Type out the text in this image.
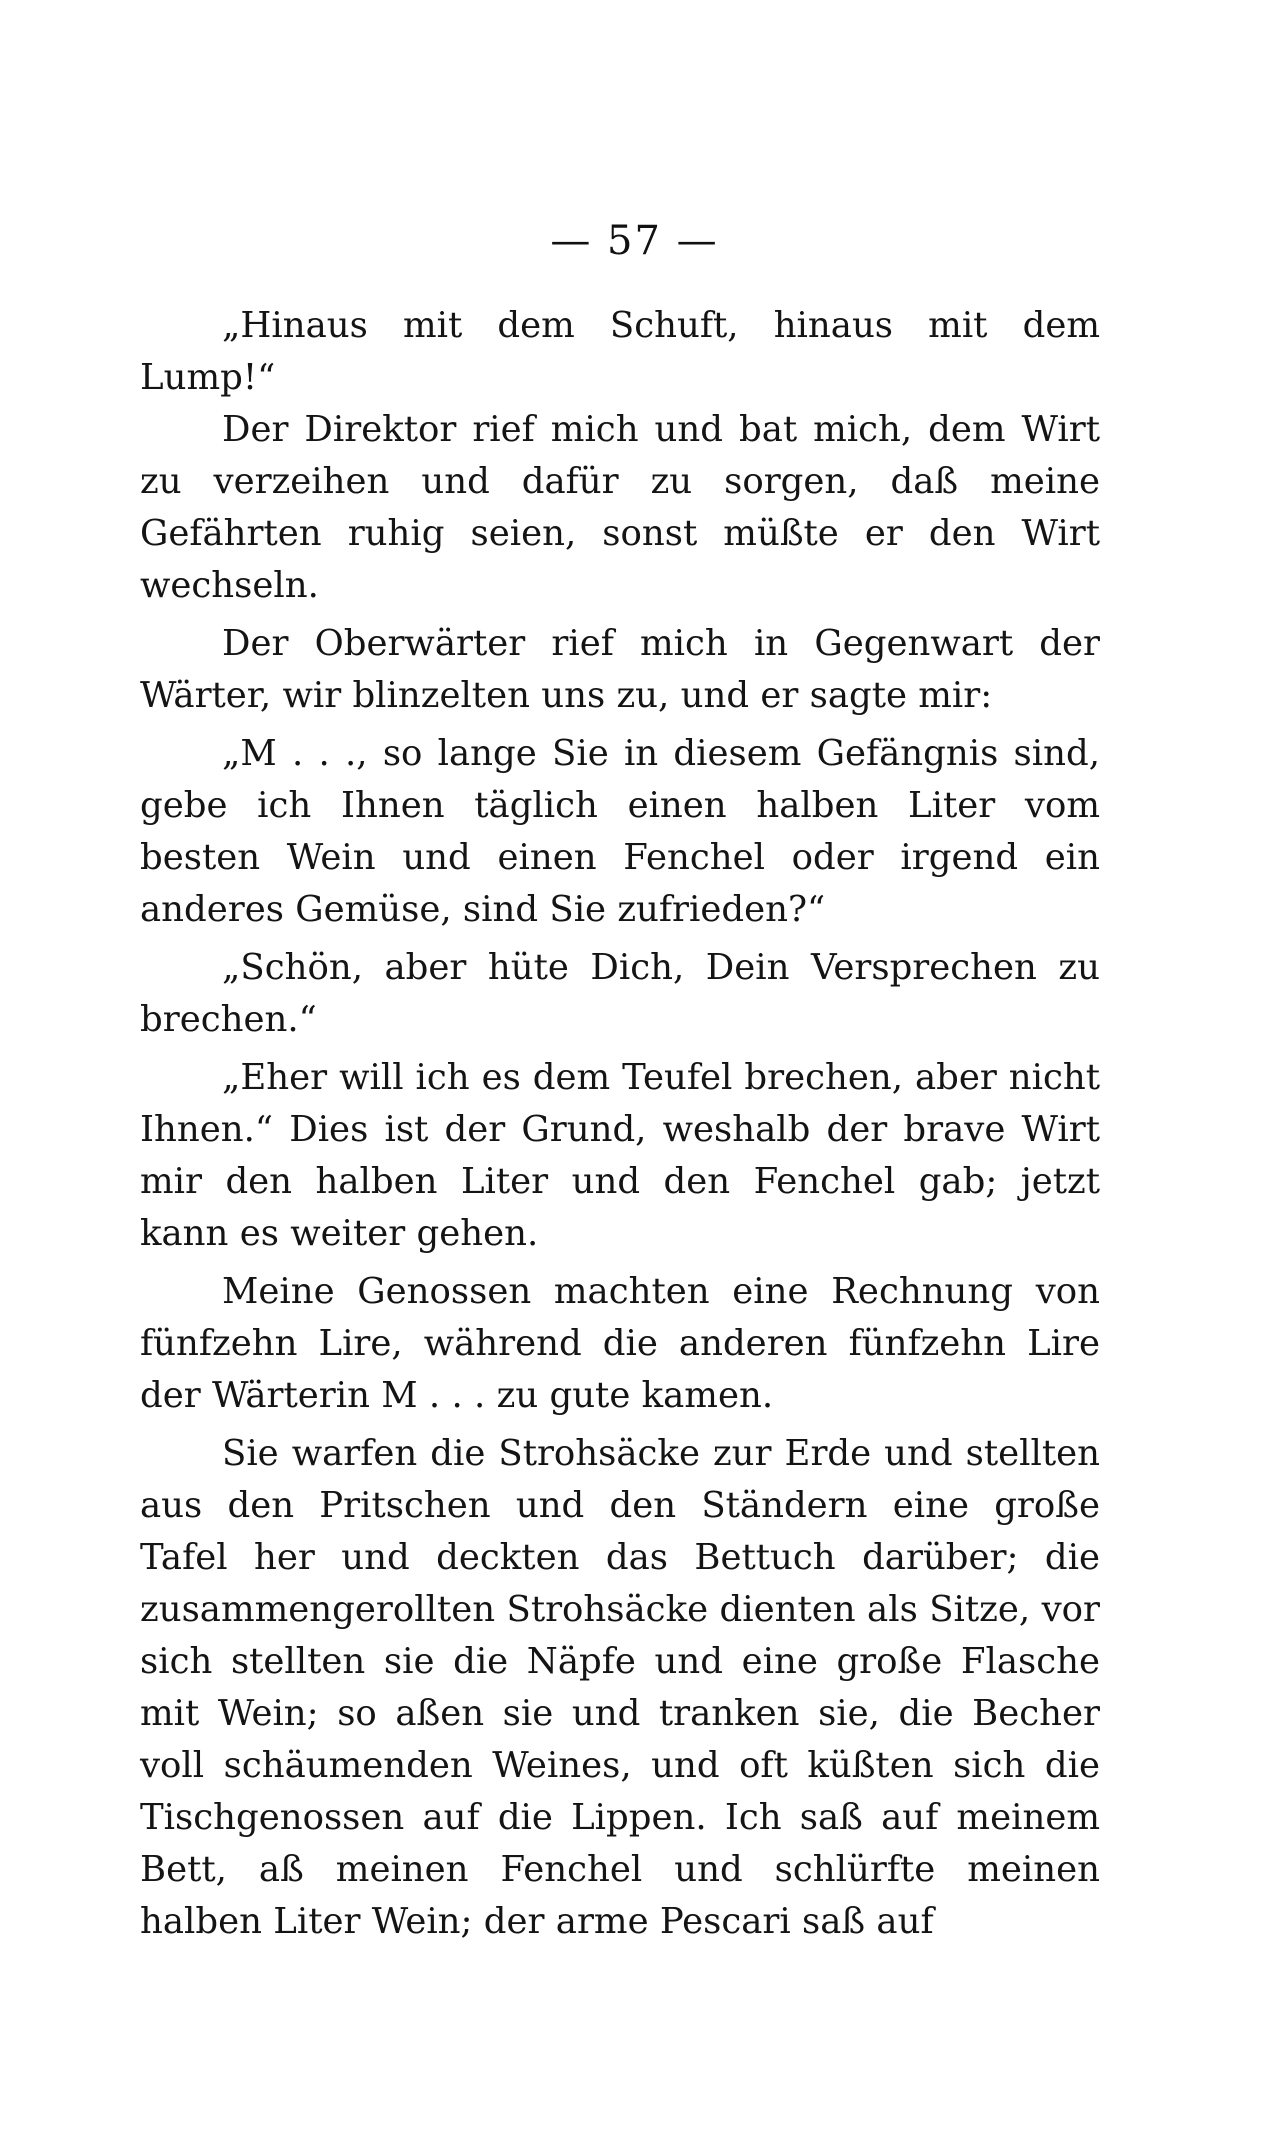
— 57 —

„Hinaus mit dem Schuft, hinaus mit dem Lump!“

Der Direktor rief mich und bat mich, dem Wirt zu verzeihen und dafür zu sorgen, daß meine Gefährten ruhig seien, sonst müßte er den Wirt wechseln.

Der Oberwärter rief mich in Gegenwart der Wärter, wir blinzelten uns zu, und er sagte mir:

„M . . ., so lange Sie in diesem Gefängnis sind, gebe ich Ihnen täglich einen halben Liter vom besten Wein und einen Fenchel oder irgend ein anderes Gemüse, sind Sie zufrieden?“

„Schön, aber hüte Dich, Dein Versprechen zu brechen.“

„Eher will ich es dem Teufel brechen, aber nicht Ihnen.“ Dies ist der Grund, weshalb der brave Wirt mir den halben Liter und den Fenchel gab; jetzt kann es weiter gehen.

Meine Genossen machten eine Rechnung von fünfzehn Lire, während die anderen fünfzehn Lire der Wärterin M . . . zu gute kamen.

Sie warfen die Strohsäcke zur Erde und stellten aus den Pritschen und den Ständern eine große Tafel her und deckten das Bettuch darüber; die zusammengerollten Strohsäcke dienten als Sitze, vor sich stellten sie die Näpfe und eine große Flasche mit Wein; so aßen sie und tranken sie, die Becher voll schäumenden Weines, und oft küßten sich die Tischgenossen auf die Lippen. Ich saß auf meinem Bett, aß meinen Fenchel und schlürfte meinen halben Liter Wein; der arme Pescari saß auf
